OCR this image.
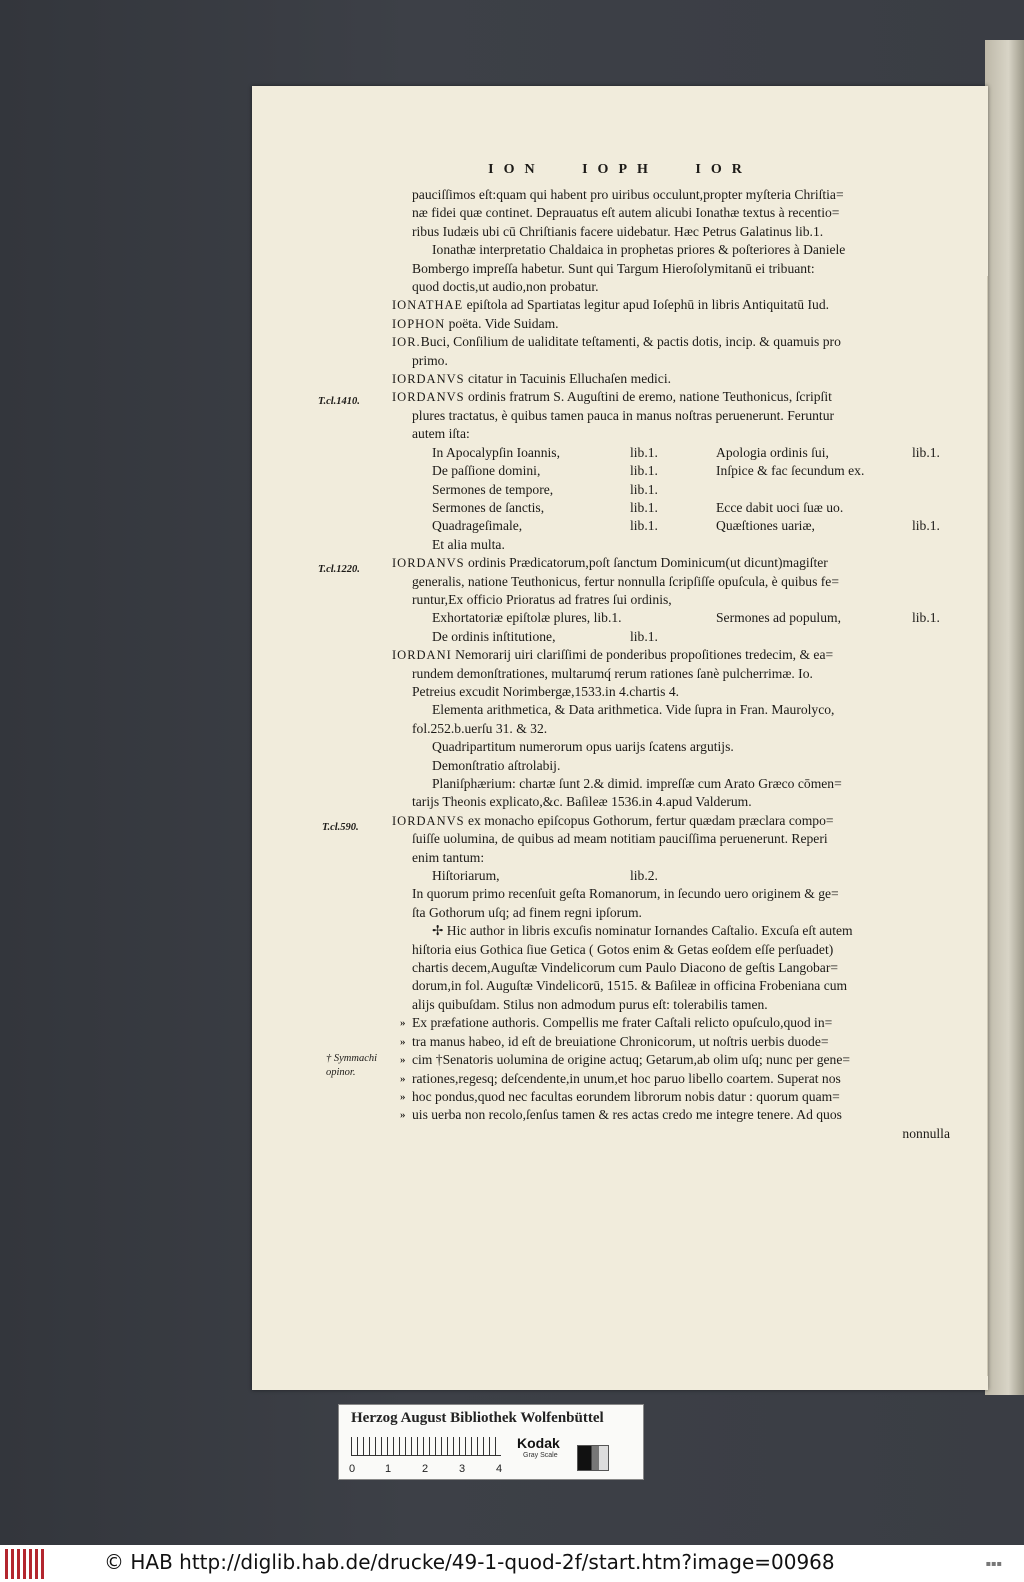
ION	IOPH	IOR
T.cl.1410.
T.cl.1220.
T.cl.590.
† Symmachi
opinor.

pauciſſimos eſt:quam qui habent pro uiribus occulunt,propter myſteria Chriſtia=

næ fidei quæ continet. Deprauatus eſt autem alicubi Ionathæ textus à recentio=

ribus Iudæis ubi cū Chriſtianis facere uidebatur. Hæc Petrus Galatinus lib.1.

Ionathæ interpretatio Chaldaica in prophetas priores & poſteriores à Daniele

Bombergo impreſſa habetur. Sunt qui Targum Hieroſolymitanū ei tribuant:

quod doctis,ut audio,non probatur.

IONATHAE epiſtola ad Spartiatas legitur apud Ioſephū in libris Antiquitatū Iud.

IOPHON poëta. Vide Suidam.

IOR.Buci, Conſilium de ualiditate teſtamenti, & pactis dotis, incip. & quamuis pro

primo.

IORDANVS citatur in Tacuinis Elluchaſen medici.

IORDANVS ordinis fratrum S. Auguſtini de eremo, natione Teuthonicus, ſcripſit

plures tractatus, è quibus tamen pauca in manus noſtras peruenerunt. Feruntur

autem iſta:

In Apocalypſin Ioannis,	lib.1.	Apologia ordinis ſui,	lib.1.
De paſſione domini,	lib.1.	Inſpice & fac ſecundum ex.
Sermones de tempore,	lib.1.
Sermones de ſanctis,	lib.1.	Ecce dabit uoci ſuæ uo.
Quadrageſimale,	lib.1.	Quæſtiones uariæ,	lib.1.

Et alia multa.

IORDANVS ordinis Prædicatorum,poſt ſanctum Dominicum(ut dicunt)magiſter

generalis, natione Teuthonicus, fertur nonnulla ſcripſiſſe opuſcula, è quibus fe=

runtur,Ex officio Prioratus ad fratres ſui ordinis,

Exhortatoriæ epiſtolæ plures, lib.1.	Sermones ad populum,	lib.1.
De ordinis inſtitutione,	lib.1.

IORDANI Nemorarij uiri clariſſimi de ponderibus propoſitiones tredecim, & ea=

rundem demonſtrationes, multarumq́ rerum rationes ſanè pulcherrimæ. Io.

Petreius excudit Norimbergæ,1533.in 4.chartis 4.

Elementa arithmetica, & Data arithmetica. Vide ſupra in Fran. Maurolyco,

fol.252.b.uerſu 31. & 32.

Quadripartitum numerorum opus uarijs ſcatens argutijs.

Demonſtratio aſtrolabij.

Planiſphærium: chartæ ſunt 2.& dimid. impreſſæ cum Arato Græco cōmen=

tarijs Theonis explicato,&c. Baſileæ 1536.in 4.apud Valderum.

IORDANVS ex monacho epiſcopus Gothorum, fertur quædam præclara compo=

ſuiſſe uolumina, de quibus ad meam notitiam pauciſſima peruenerunt. Reperi

enim tantum:

Hiſtoriarum,	lib.2.

In quorum primo recenſuit geſta Romanorum, in ſecundo uero originem & ge=

ſta Gothorum uſq; ad finem regni ipſorum.

✢ Hic author in libris excuſis nominatur Iornandes Caſtalio. Excuſa eſt autem

hiſtoria eius Gothica ſiue Getica ( Gotos enim & Getas eoſdem eſſe perſuadet)

chartis decem,Auguſtæ Vindelicorum cum Paulo Diacono de geſtis Langobar=

dorum,in fol. Auguſtæ Vindelicorū, 1515. & Baſileæ in officina Frobeniana cum

alijs quibuſdam. Stilus non admodum purus eſt: tolerabilis tamen.

» Ex præfatione authoris. Compellis me frater Caſtali relicto opuſculo,quod in=

» tra manus habeo, id eſt de breuiatione Chronicorum, ut noſtris uerbis duode=

» cim †Senatoris uolumina de origine actuq; Getarum,ab olim uſq; nunc per gene=

» rationes,regesq; deſcendente,in unum,et hoc paruo libello coartem. Superat nos

» hoc pondus,quod nec facultas eorundem librorum nobis datur : quorum quam=

» uis uerba non recolo,ſenſus tamen & res actas credo me integre tenere. Ad quos

nonnulla

Herzog August Bibliothek Wolfenbüttel
0	1	2	3	4
Kodak
Gray Scale
© HAB http://diglib.hab.de/drucke/49-1-quod-2f/start.htm?image=00968	▪▪▪
